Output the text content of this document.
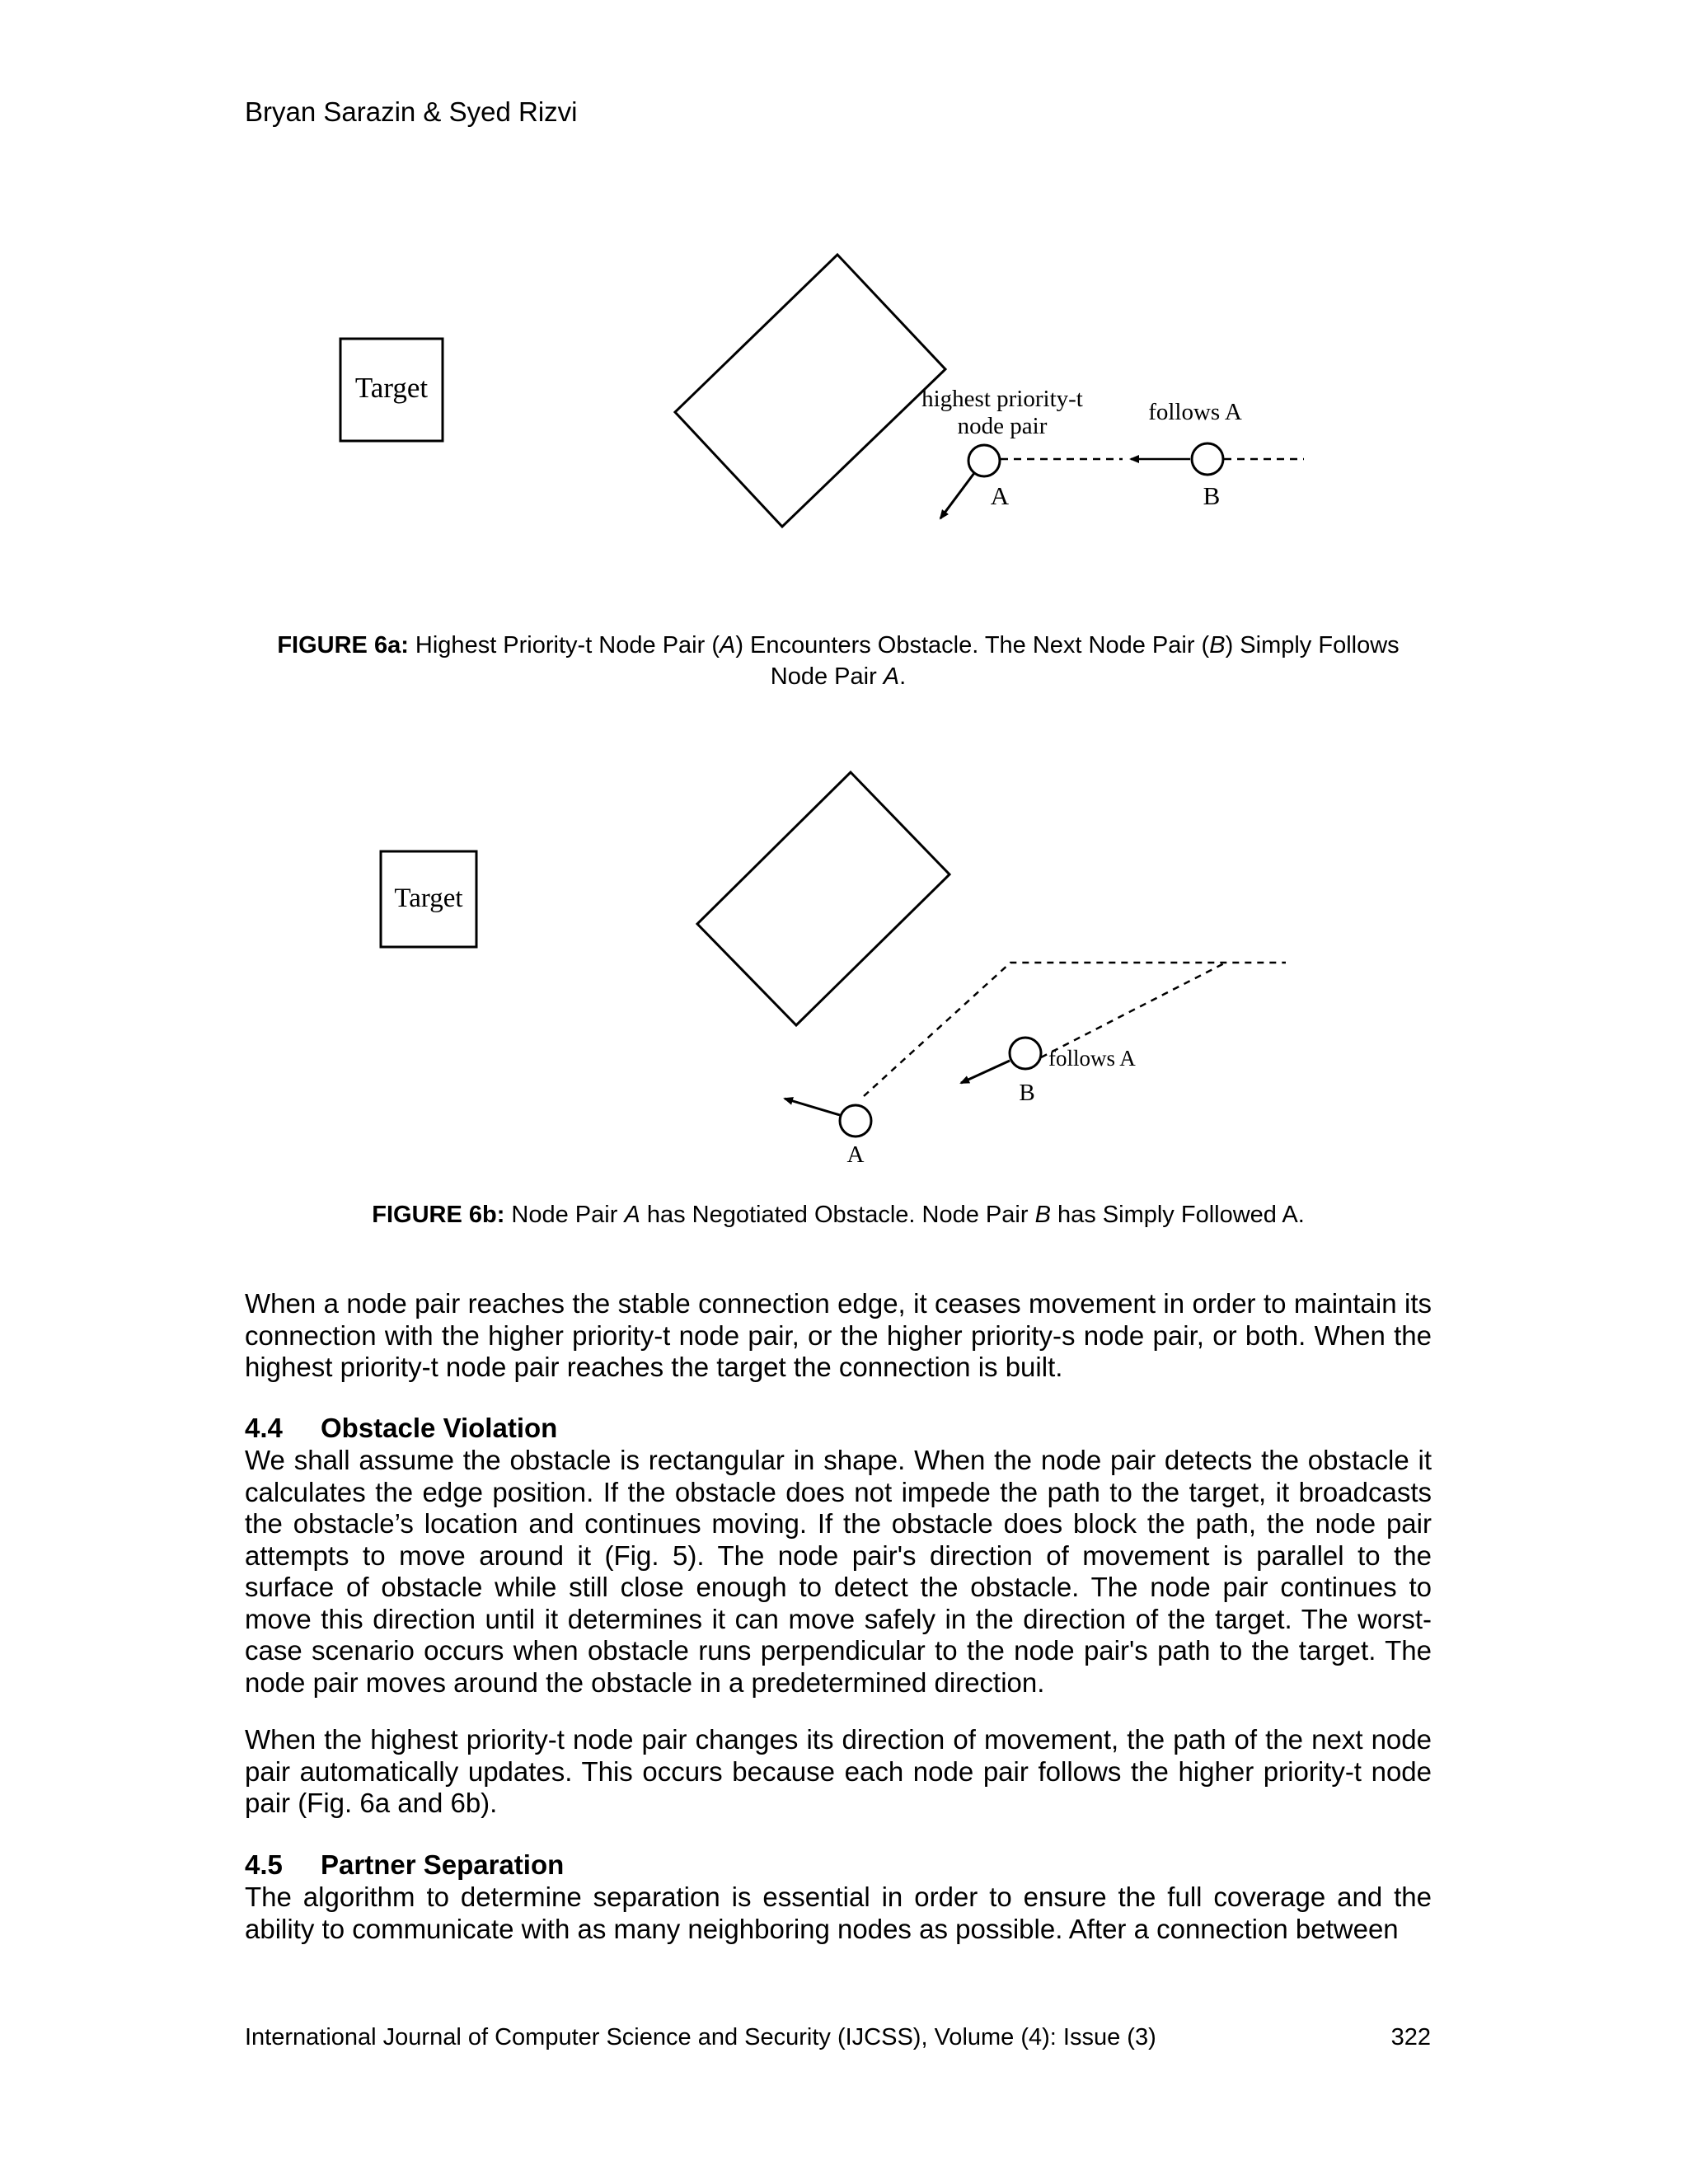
Bryan Sarazin & Syed Rizvi
Target	highest priority-t
node pair
follows A
A	B
FIGURE 6a: Highest Priority-t Node Pair (A) Encounters Obstacle. The Next Node Pair (B) Simply Follows
Node Pair A.
Target
B
follows A
A
FIGURE 6b: Node Pair A has Negotiated Obstacle. Node Pair B has Simply Followed A.
When a node pair reaches the stable connection edge, it ceases movement in order to maintain its connection with the higher priority-t node pair, or the higher priority-s node pair, or both. When the highest priority-t node pair reaches the target the connection is built.
4.4 Obstacle Violation
We shall assume the obstacle is rectangular in shape. When the node pair detects the obstacle it calculates the edge position. If the obstacle does not impede the path to the target, it broadcasts the obstacle’s location and continues moving. If the obstacle does block the path, the node pair attempts to move around it (Fig. 5). The node pair's direction of movement is parallel to the surface of obstacle while still close enough to detect the obstacle. The node pair continues to move this direction until it determines it can move safely in the direction of the target. The worst-case scenario occurs when obstacle runs perpendicular to the node pair's path to the target. The node pair moves around the obstacle in a predetermined direction.
When the highest priority-t node pair changes its direction of movement, the path of the next node pair automatically updates. This occurs because each node pair follows the higher priority-t node pair (Fig. 6a and 6b).
4.5 Partner Separation
The algorithm to determine separation is essential in order to ensure the full coverage and the ability to communicate with as many neighboring nodes as possible. After a connection between
International Journal of Computer Science and Security (IJCSS), Volume (4): Issue (3)	322
